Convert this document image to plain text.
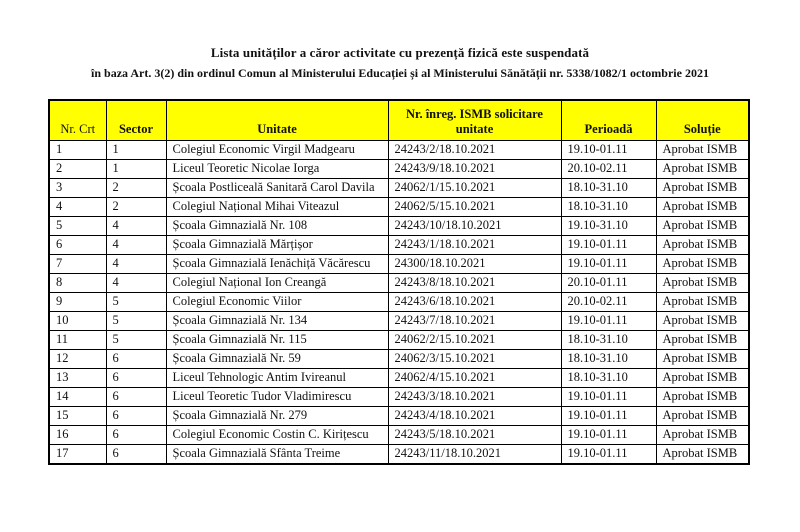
Lista unităților a căror activitate cu prezență fizică este suspendată

în baza Art. 3(2) din ordinul Comun al Ministerului Educației și al Ministerului Sănătății nr. 5338/1082/1 octombrie 2021

Nr. Crt	Sector	Unitate	Nr. înreg. ISMB solicitare unitate	Perioadă	Soluție
1	1	Colegiul Economic Virgil Madgearu	24243/2/18.10.2021	19.10-01.11	Aprobat ISMB
2	1	Liceul Teoretic Nicolae Iorga	24243/9/18.10.2021	20.10-02.11	Aprobat ISMB
3	2	Școala Postliceală Sanitară Carol Davila	24062/1/15.10.2021	18.10-31.10	Aprobat ISMB
4	2	Colegiul Național Mihai Viteazul	24062/5/15.10.2021	18.10-31.10	Aprobat ISMB
5	4	Școala Gimnazială Nr. 108	24243/10/18.10.2021	19.10-31.10	Aprobat ISMB
6	4	Școala Gimnazială Mărțișor	24243/1/18.10.2021	19.10-01.11	Aprobat ISMB
7	4	Școala Gimnazială Ienăchiță Văcărescu	24300/18.10.2021	19.10-01.11	Aprobat ISMB
8	4	Colegiul Național Ion Creangă	24243/8/18.10.2021	20.10-01.11	Aprobat ISMB
9	5	Colegiul Economic Viilor	24243/6/18.10.2021	20.10-02.11	Aprobat ISMB
10	5	Școala Gimnazială Nr. 134	24243/7/18.10.2021	19.10-01.11	Aprobat ISMB
11	5	Școala Gimnazială Nr. 115	24062/2/15.10.2021	18.10-31.10	Aprobat ISMB
12	6	Școala Gimnazială Nr. 59	24062/3/15.10.2021	18.10-31.10	Aprobat ISMB
13	6	Liceul Tehnologic Antim Ivireanul	24062/4/15.10.2021	18.10-31.10	Aprobat ISMB
14	6	Liceul Teoretic Tudor Vladimirescu	24243/3/18.10.2021	19.10-01.11	Aprobat ISMB
15	6	Școala Gimnazială Nr. 279	24243/4/18.10.2021	19.10-01.11	Aprobat ISMB
16	6	Colegiul Economic Costin C. Kirițescu	24243/5/18.10.2021	19.10-01.11	Aprobat ISMB
17	6	Școala Gimnazială Sfânta Treime	24243/11/18.10.2021	19.10-01.11	Aprobat ISMB
